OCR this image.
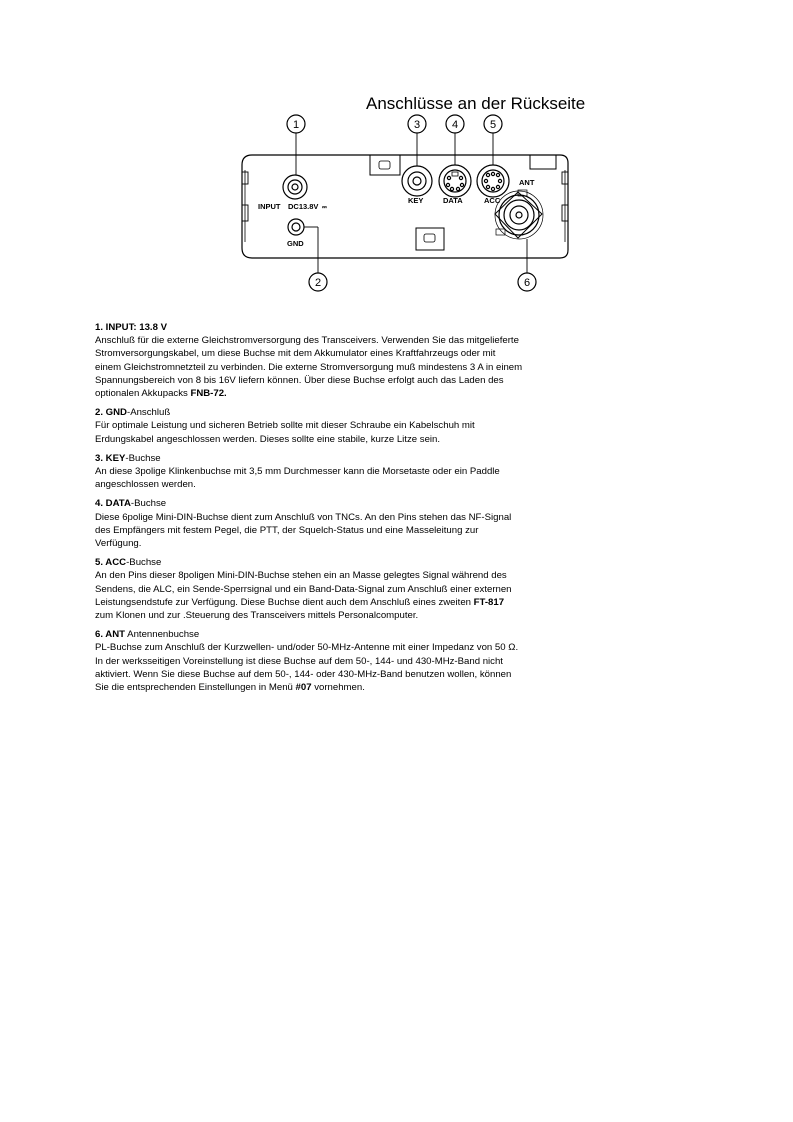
Anschlüsse an der Rückseite
1	3	4	5
2	6
INPUT DC13.8V ⎓
GND
KEY	DATA	ACC
ANT
1. INPUT: 13.8 V
Anschluß für die externe Gleichstromversorgung des Transceivers. Verwenden Sie das mitgelieferte
Stromversorgungskabel, um diese Buchse mit dem Akkumulator eines Kraftfahrzeugs oder mit
einem Gleichstromnetzteil zu verbinden. Die externe Stromversorgung muß mindestens 3 A in einem
Spannungsbereich von 8 bis 16V liefern können. Über diese Buchse erfolgt auch das Laden des
optionalen Akkupacks FNB-72.
2. GND-Anschluß
Für optimale Leistung und sicheren Betrieb sollte mit dieser Schraube ein Kabelschuh mit
Erdungskabel angeschlossen werden. Dieses sollte eine stabile, kurze Litze sein.
3. KEY-Buchse
An diese 3polige Klinkenbuchse mit 3,5 mm Durchmesser kann die Morsetaste oder ein Paddle
angeschlossen werden.
4. DATA-Buchse
Diese 6polige Mini-DIN-Buchse dient zum Anschluß von TNCs. An den Pins stehen das NF-Signal
des Empfängers mit festem Pegel, die PTT, der Squelch-Status und eine Masseleitung zur
Verfügung.
5. ACC-Buchse
An den Pins dieser 8poligen Mini-DIN-Buchse stehen ein an Masse gelegtes Signal während des
Sendens, die ALC, ein Sende-Sperrsignal und ein Band-Data-Signal zum Anschluß einer externen
Leistungsendstufe zur Verfügung. Diese Buchse dient auch dem Anschluß eines zweiten FT-817
zum Klonen und zur .Steuerung des Transceivers mittels Personalcomputer.
6. ANT Antennenbuchse
PL-Buchse zum Anschluß der Kurzwellen- und/oder 50-MHz-Antenne mit einer Impedanz von 50 Ω.
In der werksseitigen Voreinstellung ist diese Buchse auf dem 50-, 144- und 430-MHz-Band nicht
aktiviert. Wenn Sie diese Buchse auf dem 50-, 144- oder 430-MHz-Band benutzen wollen, können
Sie die entsprechenden Einstellungen in Menü #07 vornehmen.
